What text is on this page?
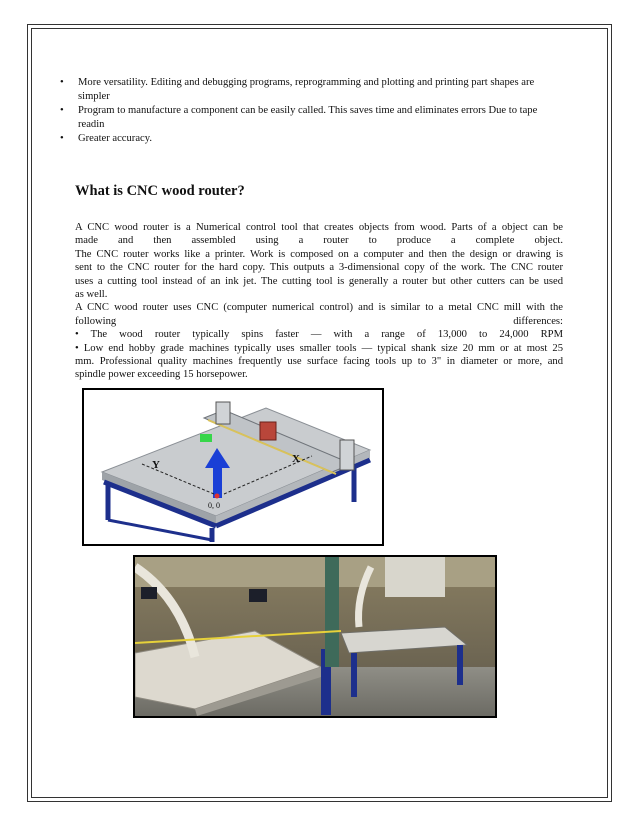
• More versatility. Editing and debugging programs, reprogramming and plotting and printing part shapes are simpler
• Program to manufacture a component can be easily called. This saves time and eliminates errors Due to tape readin
• Greater accuracy.
What is CNC wood router?

A CNC wood router is a Numerical control tool that creates objects from wood. Parts of a object can be

made and then assembled using a router to produce a complete object.

The CNC router works like a printer. Work is composed on a computer and then the design or drawing is

sent to the CNC router for the hard copy. This outputs a 3-dimensional copy of the work. The CNC router

uses a cutting tool instead of an ink jet. The cutting tool is generally a router but other cutters can be used

as well.

A CNC wood router uses CNC (computer numerical control) and is similar to a metal CNC mill with the

following differences:

• The wood router typically spins faster — with a range of 13,000 to 24,000 RPM

• Low end hobby grade machines typically uses smaller tools — typical shank size 20 mm or at most 25

mm. Professional quality machines frequently use surface facing tools up to 3" in diameter or more, and

spindle power exceeding 15 horsepower.

Y	X
0, 0
